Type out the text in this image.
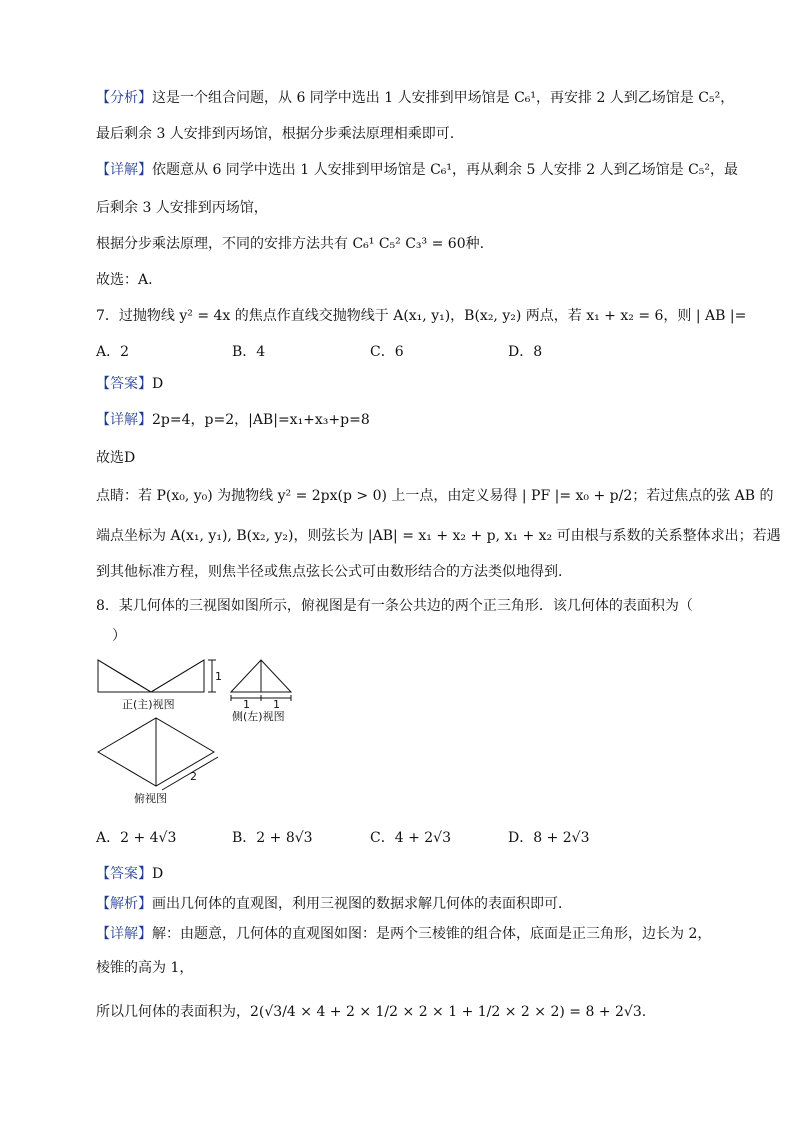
【分析】这是一个组合问题，从 6 同学中选出 1 人安排到甲场馆是 C₆¹，再安排 2 人到乙场馆是 C₅²，
最后剩余 3 人安排到丙场馆，根据分步乘法原理相乘即可.
【详解】依题意从 6 同学中选出 1 人安排到甲场馆是 C₆¹，再从剩余 5 人安排 2 人到乙场馆是 C₅²，最
后剩余 3 人安排到丙场馆，
根据分步乘法原理，不同的安排方法共有 C₆¹ C₅² C₃³ = 60种.
故选：A.
7．过抛物线 y² = 4x 的焦点作直线交抛物线于 A(x₁, y₁)，B(x₂, y₂) 两点，若 x₁ + x₂ = 6，则 | AB |=
A．2	B．4	C．6	D．8
【答案】D
【详解】2p=4，p=2，|AB|=x₁+x₃+p=8
故选D
点睛：若 P(x₀, y₀) 为抛物线 y² = 2px(p > 0) 上一点，由定义易得 | PF |= x₀ + p/2；若过焦点的弦 AB 的
端点坐标为 A(x₁, y₁), B(x₂, y₂)，则弦长为 |AB| = x₁ + x₂ + p, x₁ + x₂ 可由根与系数的关系整体求出；若遇
到其他标准方程，则焦半径或焦点弦长公式可由数形结合的方法类似地得到.
8．某几何体的三视图如图所示，俯视图是有一条公共边的两个正三角形．该几何体的表面积为（
）
1
正(主)视图	1 1
侧(左)视图
2
俯视图
A．2 + 4√3	B．2 + 8√3	C．4 + 2√3	D．8 + 2√3
【答案】D
【解析】画出几何体的直观图，利用三视图的数据求解几何体的表面积即可．
【详解】解：由题意，几何体的直观图如图：是两个三棱锥的组合体，底面是正三角形，边长为 2，
棱锥的高为 1，
所以几何体的表面积为，2(√3/4 × 4 + 2 × 1/2 × 2 × 1 + 1/2 × 2 × 2) = 8 + 2√3.
